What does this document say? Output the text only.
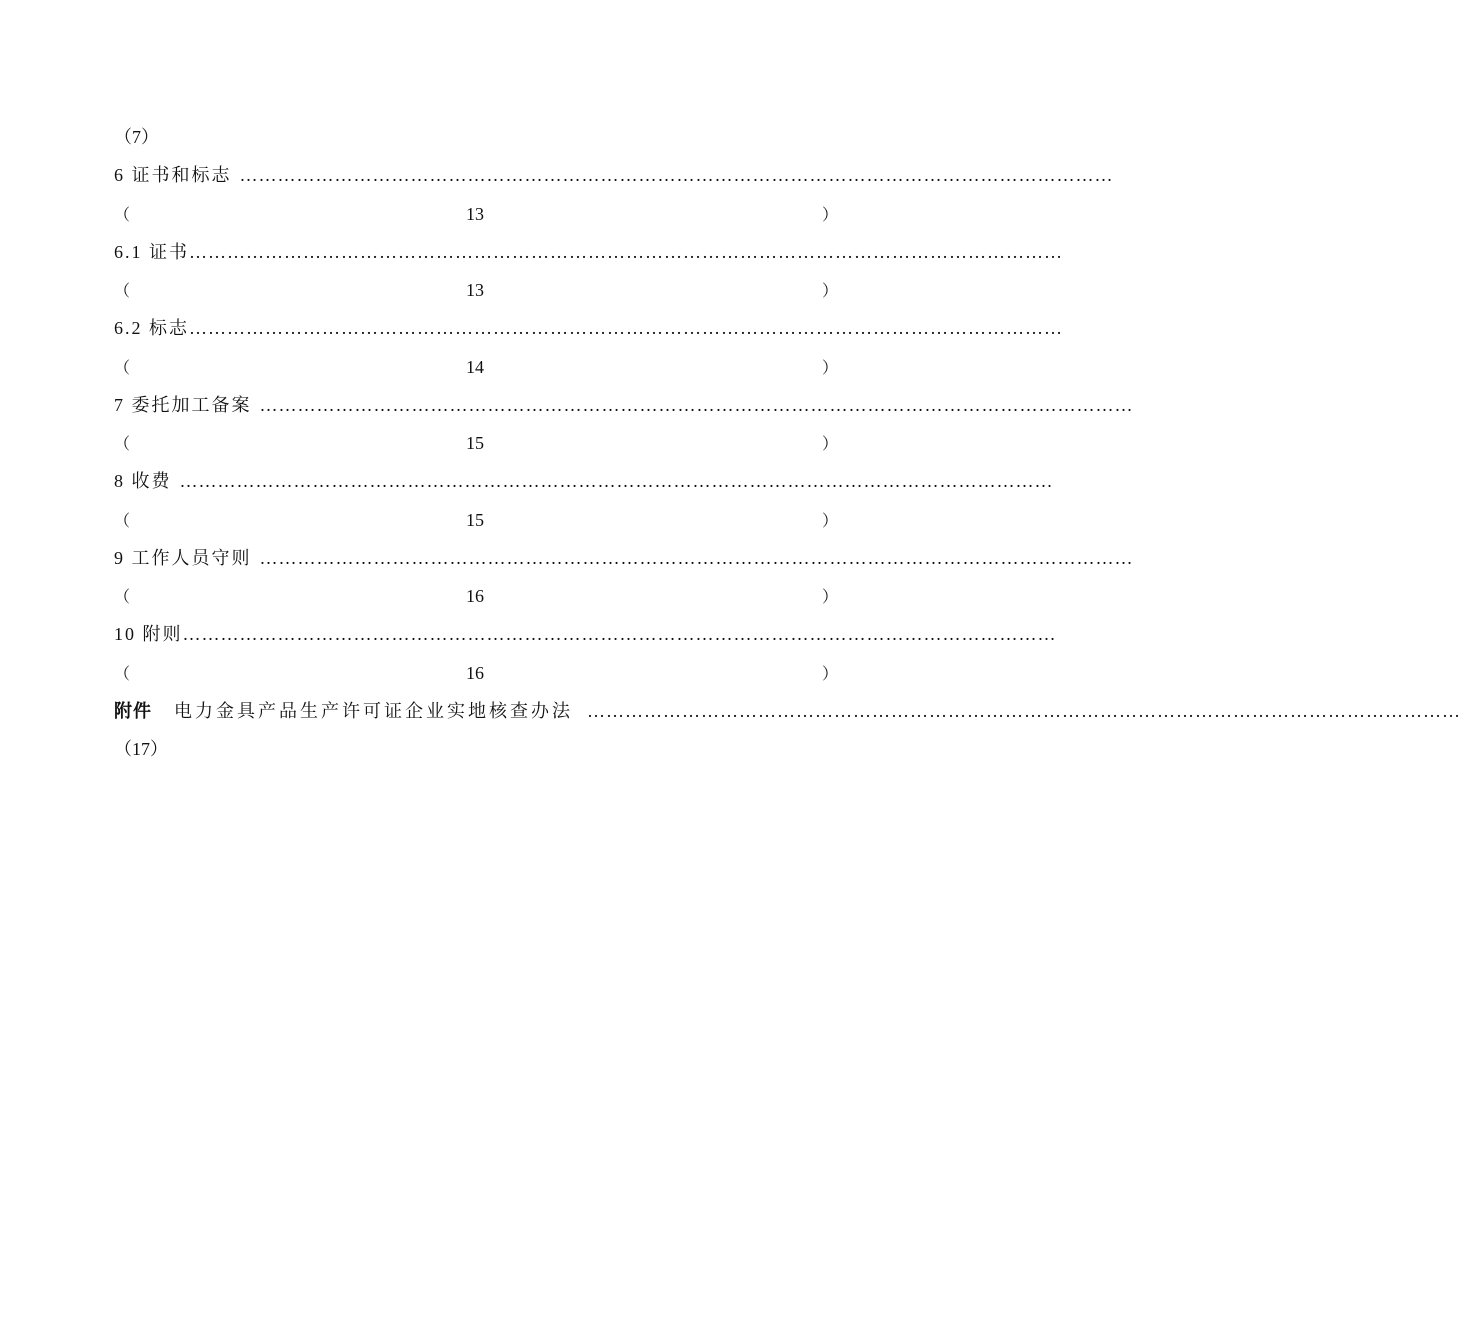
（7）
6 证书和标志 …………………………………………………………………………………………………………………………
（	13	）
6.1 证书 …………………………………………………………………………………………………………………………
（	13	）
6.2 标志 …………………………………………………………………………………………………………………………
（	14	）
7 委托加工备案 …………………………………………………………………………………………………………………………
（	15	）
8 收费 …………………………………………………………………………………………………………………………
（	15	）
9 工作人员守则 …………………………………………………………………………………………………………………………
（	16	）
10 附则 …………………………………………………………………………………………………………………………
（	16	）
附件	电力金具产品生产许可证企业实地核查办法 …………………………………………………………………………………………………………………………
（17）
